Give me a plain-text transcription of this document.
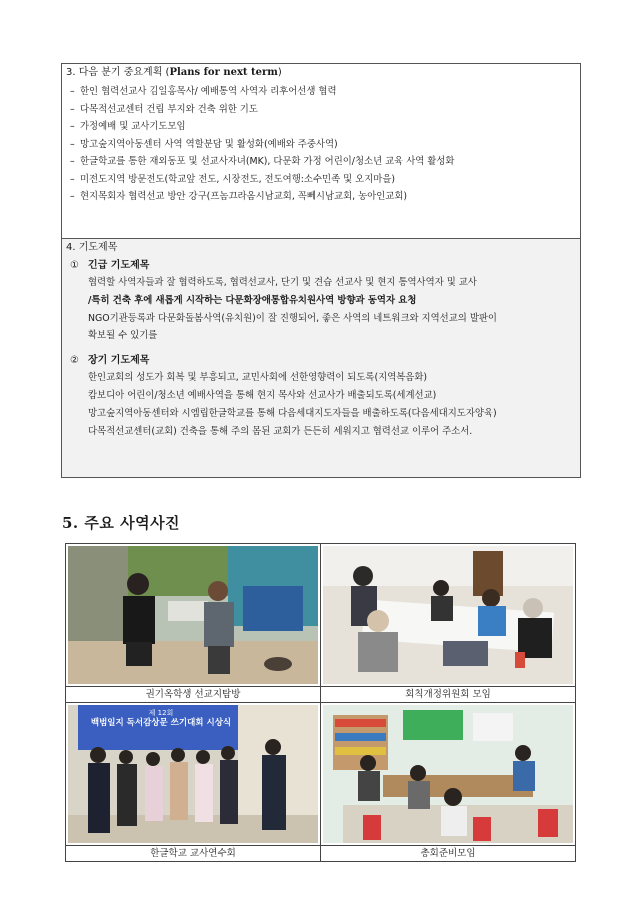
3. 다음 분기 중요계획 (Plans for next term)
– 한인 협력선교사 김일홍목사/ 예배통역 사역자 리후어선생 협력
– 다목적선교센터 건립 부지와 건축 위한 기도
– 가정예배 및 교사기도모임
– 망고숲지역아동센터 사역 역할분담 및 활성화(예배와 주중사역)
– 한글학교를 통한 재외동포 및 선교사자녀(MK), 다문화 가정 어린이/청소년 교육 사역 활성화
– 미전도지역 방문전도(학교앞 전도, 시장전도, 전도여행:소수민족 및 오지마을)
– 현지목회자 협력선교 방안 강구(프놈끄라옴시남교회, 꼭뻬시남교회, 농아인교회)
4. 기도제목
① 긴급 기도제목
협력할 사역자들과 잘 협력하도록, 협력선교사, 단기 및 견습 선교사 및 현지 통역사역자 및 교사
/특히 건축 후에 새롭게 시작하는 다문화장애통합유치원사역 방향과 동역자 요청
NGO기관등록과 다문화돌봄사역(유치원)이 잘 진행되어, 좋은 사역의 네트워크와 지역선교의 발판이
확보될 수 있기를
② 장기 기도제목
한인교회의 성도가 회복 및 부흥되고, 교민사회에 선한영향력이 되도록(지역복음화)
캄보디아 어린이/청소년 예배사역을 통해 현지 목사와 선교사가 배출되도록(세계선교)
망고숲지역아동센터와 시엠립한글학교를 통해 다음세대지도자들을 배출하도록(다음세대지도자양육)
다목적선교센터(교회) 건축을 통해 주의 몸된 교회가 든든히 세워지고 협력선교 이루어 주소서.
5. 주요 사역사진

권기옥학생 선교지탐방	회칙개정위원회 모임

제 12회
백범일지 독서감상문 쓰기대회 시상식

한글학교 교사연수회	총회준비모임
